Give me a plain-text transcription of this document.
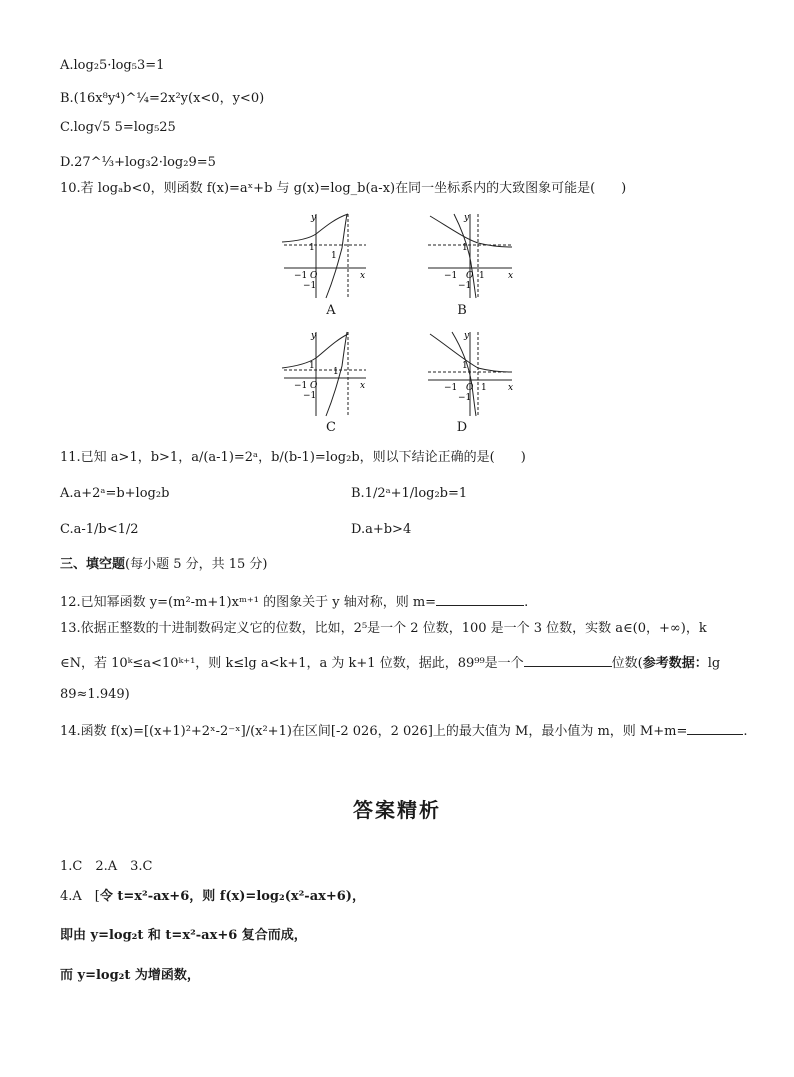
A.log₂5·log₅3=1
B.(16x⁸y⁴)^¼=2x²y(x<0，y<0)
C.log√5 5=log₅25
D.27^⅓+log₃2·log₂9=5
10.若 logₐb<0，则函数 f(x)=aˣ+b 与 g(x)=log_b(a-x)在同一坐标系内的大致图象可能是(　　)
y
x
1
1
−1 O
−1
A
y
x
1
−1 O 1
−1
B
y
x
1
1
−1 O
−1
C
y
x
1
−1 O 1
−1
D
11.已知 a>1，b>1，a/(a-1)=2ᵃ，b/(b-1)=log₂b，则以下结论正确的是(　　)
A.a+2ᵃ=b+log₂b	B.1/2ᵃ+1/log₂b=1
C.a-1/b<1/2	D.a+b>4
三、填空题(每小题 5 分，共 15 分)
12.已知幂函数 y=(m²-m+1)xᵐ⁺¹ 的图象关于 y 轴对称，则 m=	.
13.依据正整数的十进制数码定义它的位数，比如，2⁵是一个 2 位数，100 是一个 3 位数，实数 a∈(0，+∞)，k
∈N，若 10ᵏ≤a<10ᵏ⁺¹，则 k≤lg a<k+1，a 为 k+1 位数，据此，89⁹⁹是一个	位数(参考数据：lg
89≈1.949)
14.函数 f(x)=[(x+1)²+2ˣ-2⁻ˣ]/(x²+1)在区间[-2 026，2 026]上的最大值为 M，最小值为 m，则 M+m=	.
答案精析
1.C　2.A　3.C
4.A　[令 t=x²-ax+6，则 f(x)=log₂(x²-ax+6)，
即由 y=log₂t 和 t=x²-ax+6 复合而成，
而 y=log₂t 为增函数，
